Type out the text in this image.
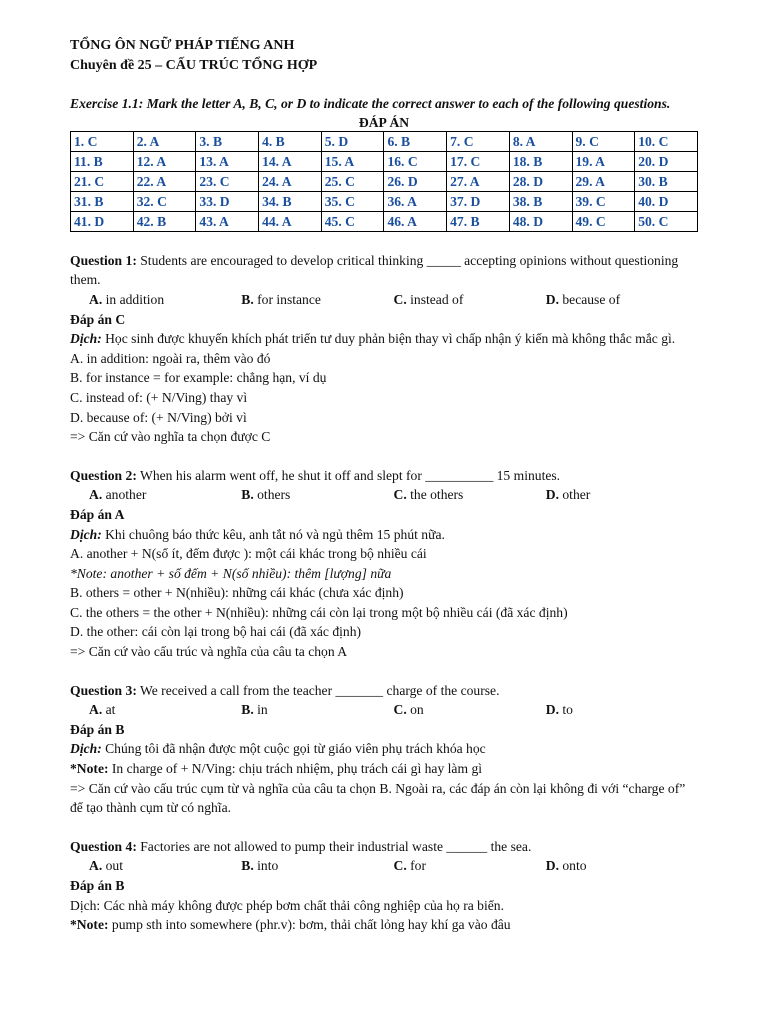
TỔNG ÔN NGỮ PHÁP TIẾNG ANH
Chuyên đề 25 – CẤU TRÚC TỔNG HỢP
Exercise 1.1: Mark the letter A, B, C, or D to indicate the correct answer to each of the following questions.
ĐÁP ÁN
1. C	2. A	3. B	4. B	5. D	6. B	7. C	8. A	9. C	10. C
11. B	12. A	13. A	14. A	15. A	16. C	17. C	18. B	19. A	20. D
21. C	22. A	23. C	24. A	25. C	26. D	27. A	28. D	29. A	30. B
31. B	32. C	33. D	34. B	35. C	36. A	37. D	38. B	39. C	40. D
41. D	42. B	43. A	44. A	45. C	46. A	47. B	48. D	49. C	50. C
Question 1: Students are encouraged to develop critical thinking _____ accepting opinions without questioning them.
A. in addition	B. for instance	C. instead of	D. because of
Đáp án C
Dịch: Học sinh được khuyến khích phát triển tư duy phản biện thay vì chấp nhận ý kiến mà không thắc mắc gì.
A. in addition: ngoài ra, thêm vào đó
B. for instance = for example: chẳng hạn, ví dụ
C. instead of: (+ N/Ving) thay vì
D. because of: (+ N/Ving) bởi vì
=> Căn cứ vào nghĩa ta chọn được C
Question 2: When his alarm went off, he shut it off and slept for __________ 15 minutes.
A. another	B. others	C. the others	D. other
Đáp án A
Dịch: Khi chuông báo thức kêu, anh tắt nó và ngủ thêm 15 phút nữa.
A. another + N(số ít, đếm được ): một cái khác trong bộ nhiều cái
*Note: another + số đếm + N(số nhiều): thêm [lượng] nữa
B. others = other + N(nhiều): những cái khác (chưa xác định)
C. the others = the other + N(nhiều): những cái còn lại trong một bộ nhiều cái (đã xác định)
D. the other: cái còn lại trong bộ hai cái (đã xác định)
=> Căn cứ vào cấu trúc và nghĩa của câu ta chọn A
Question 3: We received a call from the teacher _______ charge of the course.
A. at	B. in	C. on	D. to
Đáp án B
Dịch: Chúng tôi đã nhận được một cuộc gọi từ giáo viên phụ trách khóa học
*Note: In charge of + N/Ving: chịu trách nhiệm, phụ trách cái gì hay làm gì
=> Căn cứ vào cấu trúc cụm từ và nghĩa của câu ta chọn B. Ngoài ra, các đáp án còn lại không đi với “charge of” để tạo thành cụm từ có nghĩa.
Question 4: Factories are not allowed to pump their industrial waste ______ the sea.
A. out	B. into	C. for	D. onto
Đáp án B
Dịch: Các nhà máy không được phép bơm chất thải công nghiệp của họ ra biển.
*Note: pump sth into somewhere (phr.v): bơm, thải chất lỏng hay khí ga vào đâu
